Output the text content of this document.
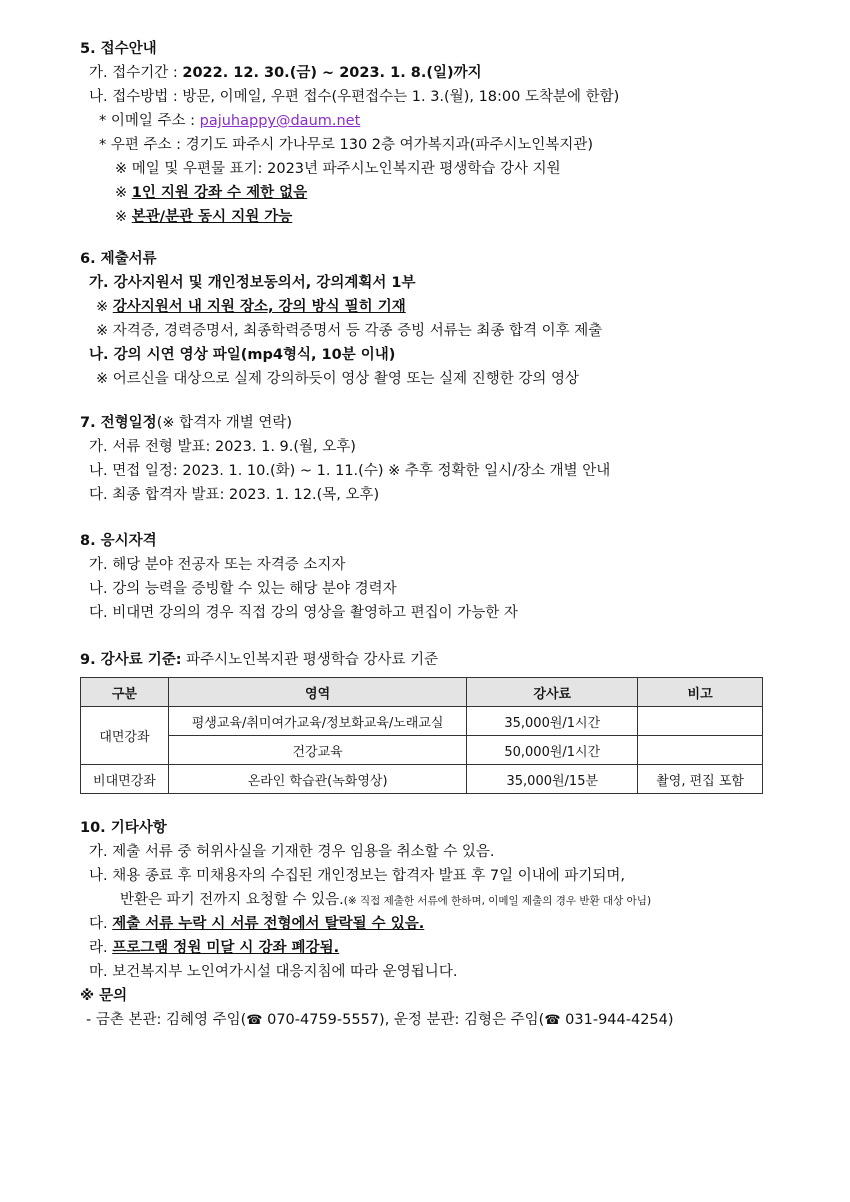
5. 접수안내
가. 접수기간 : 2022. 12. 30.(금) ~ 2023. 1. 8.(일)까지
나. 접수방법 : 방문, 이메일, 우편 접수(우편접수는 1. 3.(월), 18:00 도착분에 한함)
* 이메일 주소 : pajuhappy@daum.net
* 우편 주소 : 경기도 파주시 가나무로 130 2층 여가복지과(파주시노인복지관)
※ 메일 및 우편물 표기: 2023년 파주시노인복지관 평생학습 강사 지원
※ 1인 지원 강좌 수 제한 없음
※ 본관/분관 동시 지원 가능
6. 제출서류
가. 강사지원서 및 개인정보동의서, 강의계획서 1부
※ 강사지원서 내 지원 장소, 강의 방식 필히 기재
※ 자격증, 경력증명서, 최종학력증명서 등 각종 증빙 서류는 최종 합격 이후 제출
나. 강의 시연 영상 파일(mp4형식, 10분 이내)
※ 어르신을 대상으로 실제 강의하듯이 영상 촬영 또는 실제 진행한 강의 영상
7. 전형일정(※ 합격자 개별 연락)
가. 서류 전형 발표: 2023. 1. 9.(월, 오후)
나. 면접 일정: 2023. 1. 10.(화) ~ 1. 11.(수) ※ 추후 정확한 일시/장소 개별 안내
다. 최종 합격자 발표: 2023. 1. 12.(목, 오후)
8. 응시자격
가. 해당 분야 전공자 또는 자격증 소지자
나. 강의 능력을 증빙할 수 있는 해당 분야 경력자
다. 비대면 강의의 경우 직접 강의 영상을 촬영하고 편집이 가능한 자
9. 강사료 기준: 파주시노인복지관 평생학습 강사료 기준
구분	영역	강사료	비고
대면강좌	평생교육/취미여가교육/정보화교육/노래교실	35,000원/1시간	
	건강교육	50,000원/1시간	
비대면강좌	온라인 학습관(녹화영상)	35,000원/15분	촬영, 편집 포함
10. 기타사항
가. 제출 서류 중 허위사실을 기재한 경우 임용을 취소할 수 있음.
나. 채용 종료 후 미채용자의 수집된 개인정보는 합격자 발표 후 7일 이내에 파기되며,
반환은 파기 전까지 요청할 수 있음.(※ 직접 제출한 서류에 한하며, 이메일 제출의 경우 반환 대상 아님)
다. 제출 서류 누락 시 서류 전형에서 탈락될 수 있음.
라. 프로그램 정원 미달 시 강좌 폐강됨.
마. 보건복지부 노인여가시설 대응지침에 따라 운영됩니다.
※ 문의
- 금촌 본관: 김혜영 주임(☎ 070-4759-5557), 운정 분관: 김형은 주임(☎ 031-944-4254)
